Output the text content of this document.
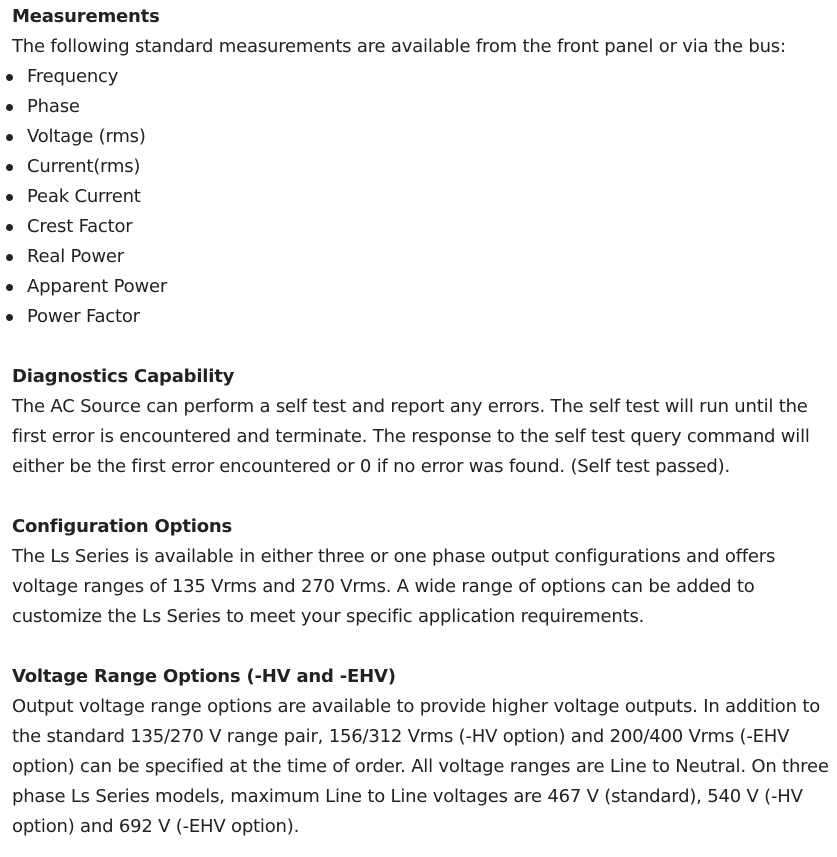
Measurements

The following standard measurements are available from the front panel or via the bus:

Frequency
Phase
Voltage (rms)
Current(rms)
Peak Current
Crest Factor
Real Power
Apparent Power
Power Factor
Diagnostics Capability

The AC Source can perform a self test and report any errors. The self test will run until the first error is encountered and terminate. The response to the self test query command will either be the first error encountered or 0 if no error was found. (Self test passed).

Configuration Options

The Ls Series is available in either three or one phase output configurations and offers voltage ranges of 135 Vrms and 270 Vrms. A wide range of options can be added to customize the Ls Series to meet your specific application requirements.

Voltage Range Options (-HV and -EHV)

Output voltage range options are available to provide higher voltage outputs. In addition to the standard 135/270 V range pair, 156/312 Vrms (-HV option) and 200/400 Vrms (-EHV option) can be specified at the time of order. All voltage ranges are Line to Neutral. On three phase Ls Series models, maximum Line to Line voltages are 467 V (standard), 540 V (-HV option) and 692 V (-EHV option).
